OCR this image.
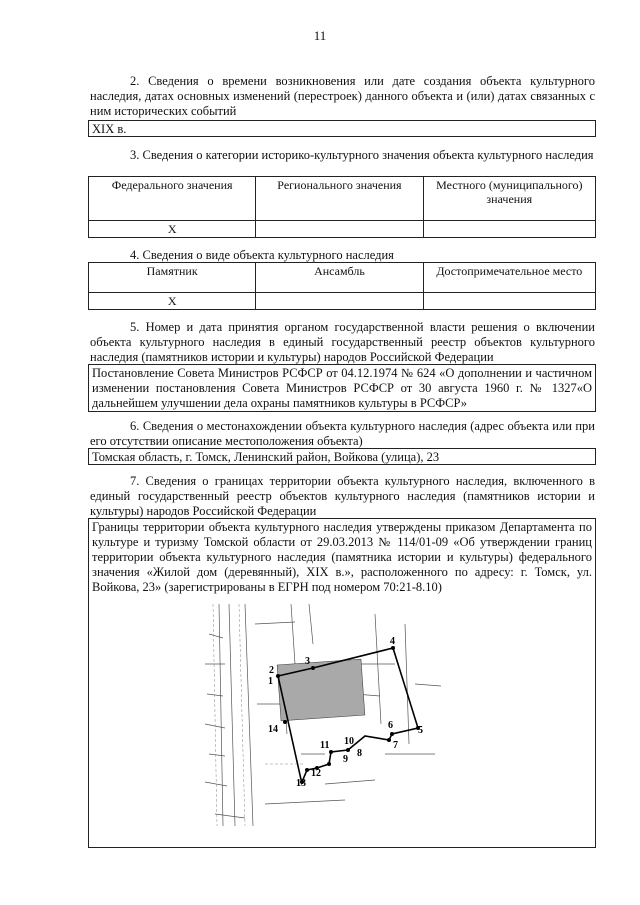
11
2. Сведения о времени возникновения или дате создания объекта культурного наследия, датах основных изменений (перестроек) данного объекта и (или) датах связанных с ним исторических событий
XIX в.
3. Сведения о категории историко-культурного значения объекта культурного наследия
Федерального значения	Регионального значения	Местного (муниципального) значения
Х		
4. Сведения о виде объекта культурного наследия
Памятник	Ансамбль	Достопримечательное место
Х		
5. Номер и дата принятия органом государственной власти решения о включении объекта культурного наследия в единый государственный реестр объектов культурного наследия (памятников истории и культуры) народов Российской Федерации
Постановление Совета Министров РСФСР от 04.12.1974 № 624 «О дополнении и частичном изменении постановления Совета Министров РСФСР от 30 августа 1960 г. № 1327«О дальнейшем улучшении дела охраны памятников культуры в РСФСР»
6. Сведения о местонахождении объекта культурного наследия (адрес объекта или при его отсутствии описание местоположения объекта)
Томская область, г. Томск, Ленинский район, Войкова (улица), 23
7. Сведения о границах территории объекта культурного наследия, включенного в единый государственный реестр объектов культурного наследия (памятников истории и культуры) народов Российской Федерации
Границы территории объекта культурного наследия утверждены приказом Департамента по культуре и туризму Томской области от 29.03.2013 № 114/01-09 «Об утверждении границ территории объекта культурного наследия (памятника истории и культуры) федерального значения «Жилой дом (деревянный), XIX в.», расположенного по адресу: г. Томск, ул. Войкова, 23» (зарегистрированы в ЕГРН под номером 70:21-8.10)
1
2
3
4
5
6
7
8
9
10
11
12
13
14
